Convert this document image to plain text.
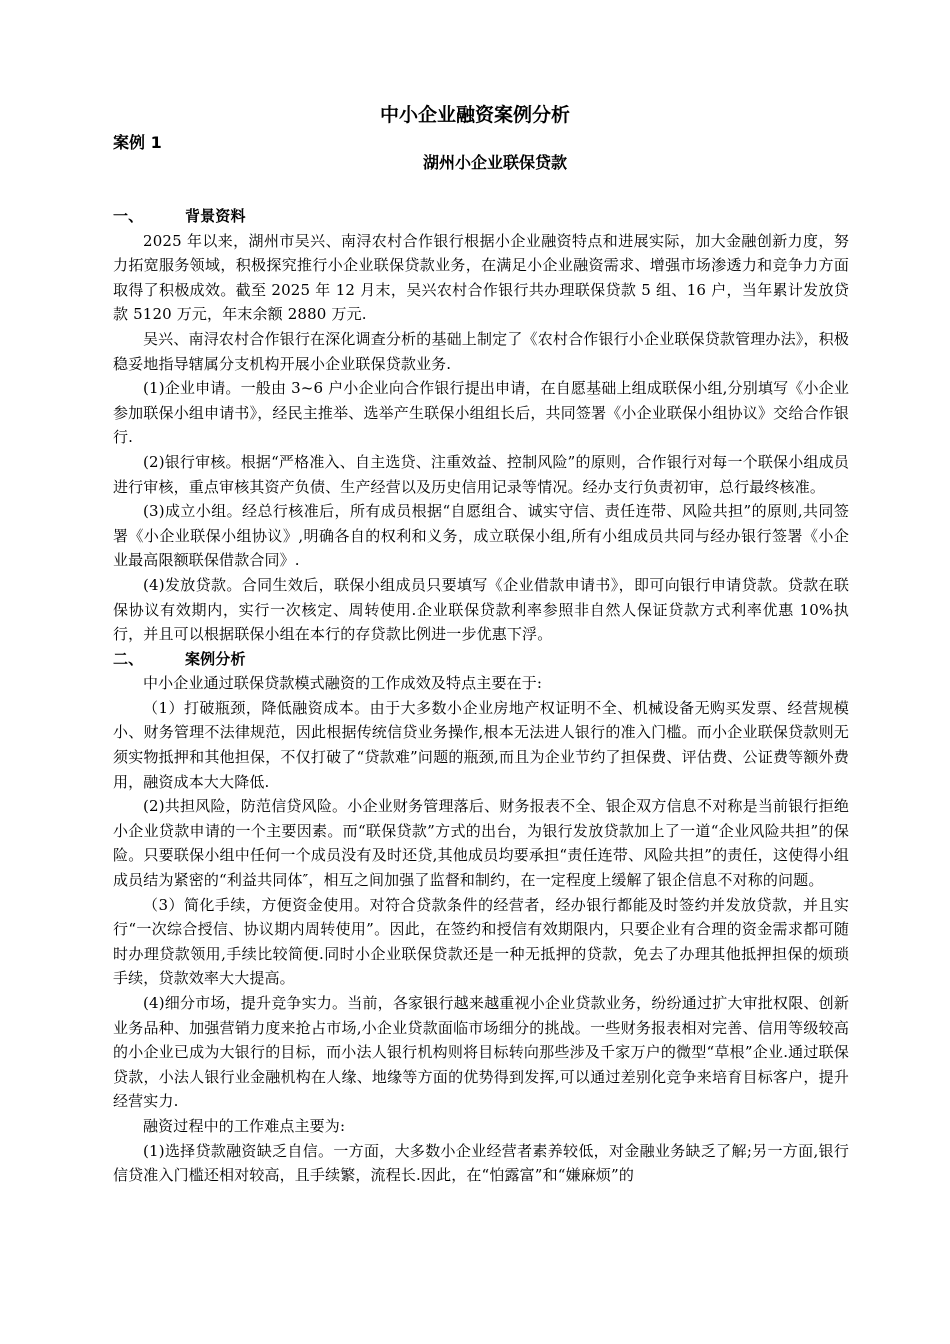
中小企业融资案例分析
案例 1
湖州小企业联保贷款

一、	背景资料

2025 年以来，湖州市吴兴、南浔农村合作银行根据小企业融资特点和进展实际，加大金融创新力度，努力拓宽服务领域，积极探究推行小企业联保贷款业务，在满足小企业融资需求、增强市场渗透力和竞争力方面取得了积极成效。截至 2025 年 12 月末，吴兴农村合作银行共办理联保贷款 5 组、16 户，当年累计发放贷款 5120 万元，年末余额 2880 万元.

吴兴、南浔农村合作银行在深化调查分析的基础上制定了《农村合作银行小企业联保贷款管理办法》，积极稳妥地指导辖属分支机构开展小企业联保贷款业务.

(1)企业申请。一般由 3~6 户小企业向合作银行提出申请，在自愿基础上组成联保小组,分别填写《小企业参加联保小组申请书》，经民主推举、选举产生联保小组组长后，共同签署《小企业联保小组协议》交给合作银行.

(2)银行审核。根据“严格准入、自主选贷、注重效益、控制风险”的原则，合作银行对每一个联保小组成员进行审核，重点审核其资产负债、生产经营以及历史信用记录等情况。经办支行负责初审，总行最终核准。

(3)成立小组。经总行核准后，所有成员根据“自愿组合、诚实守信、责任连带、风险共担”的原则,共同签署《小企业联保小组协议》,明确各自的权利和义务，成立联保小组,所有小组成员共同与经办银行签署《小企业最高限额联保借款合同》.

(4)发放贷款。合同生效后，联保小组成员只要填写《企业借款申请书》，即可向银行申请贷款。贷款在联保协议有效期内，实行一次核定、周转使用.企业联保贷款利率参照非自然人保证贷款方式利率优惠 10%执行，并且可以根据联保小组在本行的存贷款比例进一步优惠下浮。

二、	案例分析

中小企业通过联保贷款模式融资的工作成效及特点主要在于:

（1）打破瓶颈，降低融资成本。由于大多数小企业房地产权证明不全、机械设备无购买发票、经营规模小、财务管理不法律规范，因此根据传统信贷业务操作,根本无法进人银行的准入门槛。而小企业联保贷款则无须实物抵押和其他担保，不仅打破了“贷款难”问题的瓶颈,而且为企业节约了担保费、评估费、公证费等额外费用，融资成本大大降低.

(2)共担风险，防范信贷风险。小企业财务管理落后、财务报表不全、银企双方信息不对称是当前银行拒绝小企业贷款申请的一个主要因素。而“联保贷款”方式的出台，为银行发放贷款加上了一道“企业风险共担”的保险。只要联保小组中任何一个成员没有及时还贷,其他成员均要承担“责任连带、风险共担”的责任，这使得小组成员结为紧密的“利益共同体″，相互之间加强了监督和制约，在一定程度上缓解了银企信息不对称的问题。

（3）简化手续，方便资金使用。对符合贷款条件的经营者，经办银行都能及时签约并发放贷款，并且实行“一次综合授信、协议期内周转使用”。因此，在签约和授信有效期限内，只要企业有合理的资金需求都可随时办理贷款领用,手续比较简便.同时小企业联保贷款还是一种无抵押的贷款，免去了办理其他抵押担保的烦琐手续，贷款效率大大提高。

(4)细分市场，提升竞争实力。当前，各家银行越来越重视小企业贷款业务，纷纷通过扩大审批权限、创新业务品种、加强营销力度来抢占市场,小企业贷款面临市场细分的挑战。一些财务报表相对完善、信用等级较高的小企业已成为大银行的目标，而小法人银行机构则将目标转向那些涉及千家万户的微型“草根”企业.通过联保贷款，小法人银行业金融机构在人缘、地缘等方面的优势得到发挥,可以通过差别化竞争来培育目标客户，提升经营实力.

融资过程中的工作难点主要为:

(1)选择贷款融资缺乏自信。一方面，大多数小企业经营者素养较低，对金融业务缺乏了解;另一方面,银行信贷准入门槛还相对较高，且手续繁，流程长.因此，在“怕露富”和“嫌麻烦”的
